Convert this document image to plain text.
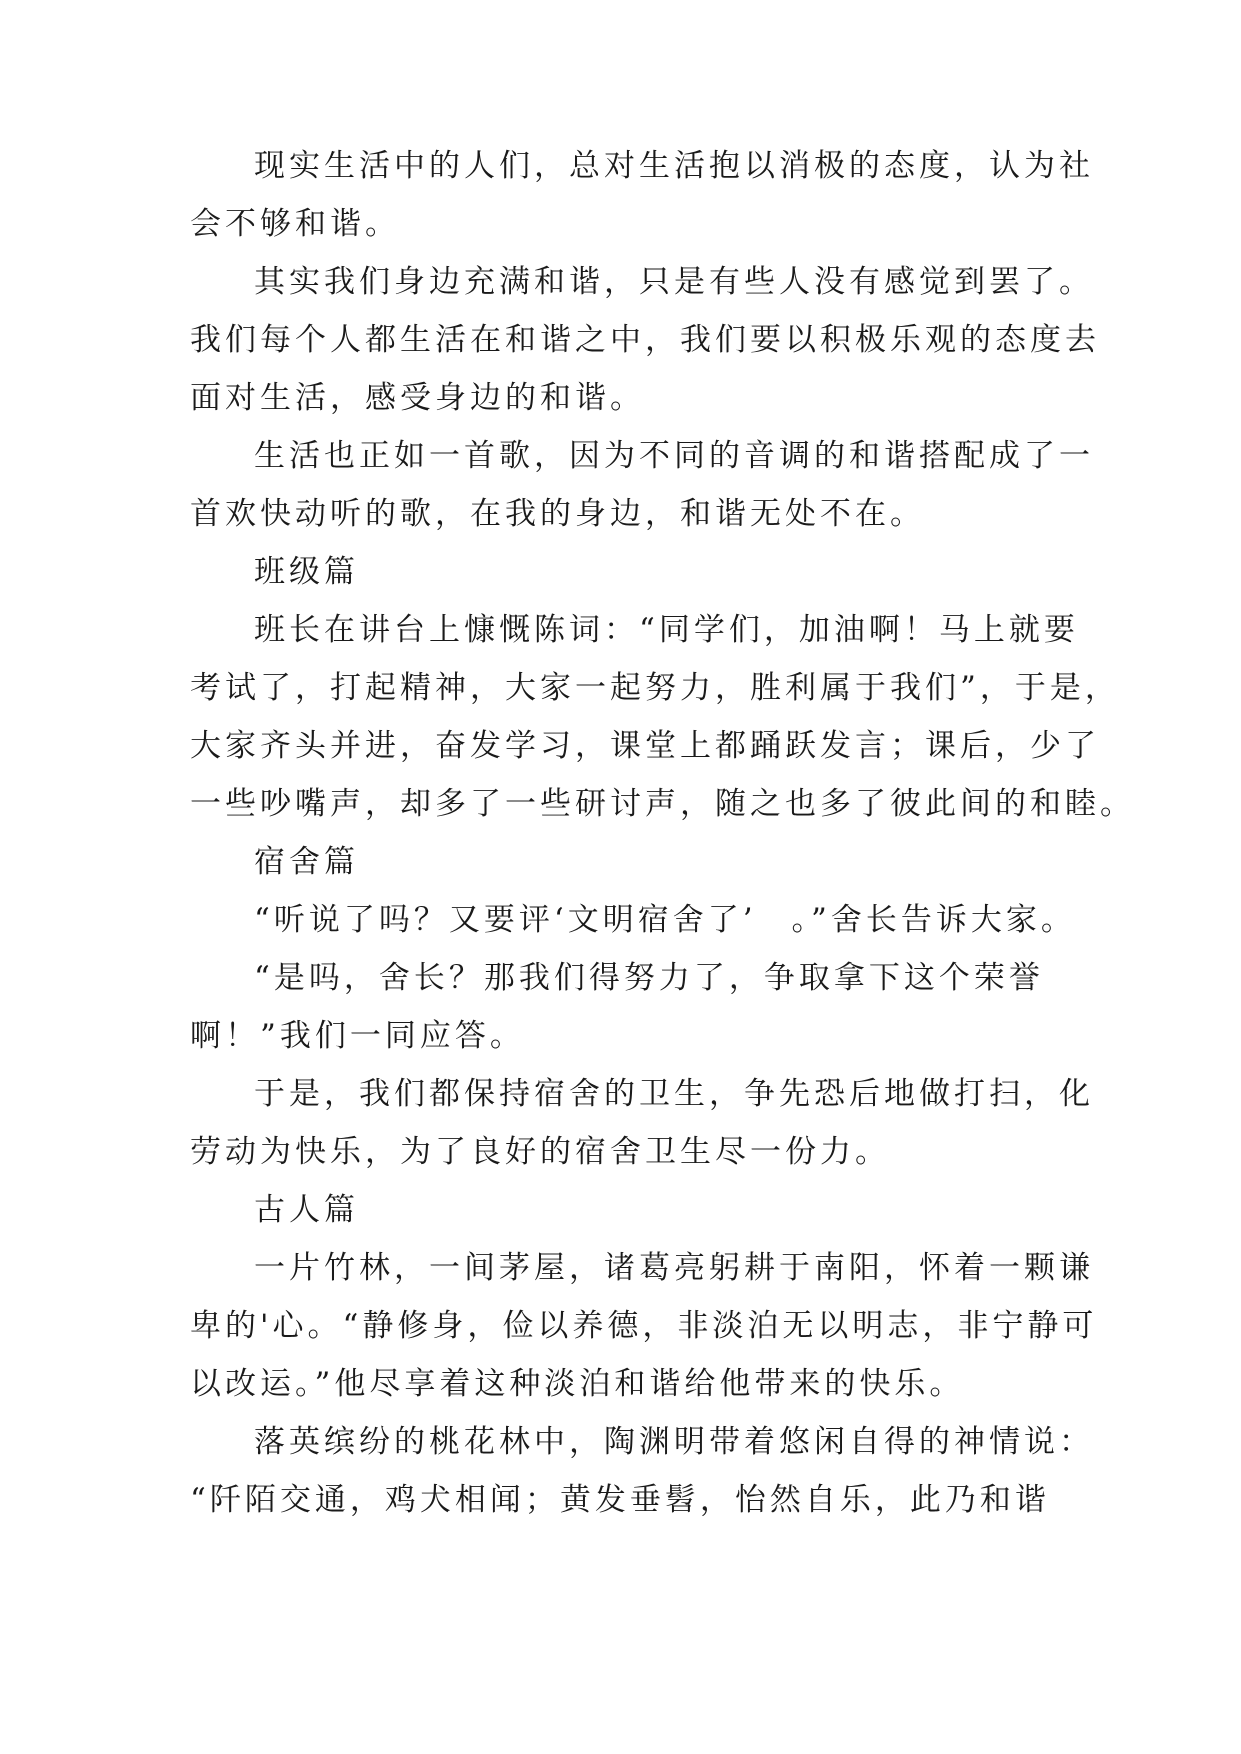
现实生活中的人们，总对生活抱以消极的态度，认为社
会不够和谐。
其实我们身边充满和谐，只是有些人没有感觉到罢了。
我们每个人都生活在和谐之中，我们要以积极乐观的态度去
面对生活，感受身边的和谐。
生活也正如一首歌，因为不同的音调的和谐搭配成了一
首欢快动听的歌，在我的身边，和谐无处不在。
班级篇
班长在讲台上慷慨陈词：“同学们，加油啊！马上就要
考试了，打起精神，大家一起努力，胜利属于我们”，于是，
大家齐头并进，奋发学习，课堂上都踊跃发言；课后，少了
一些吵嘴声，却多了一些研讨声，随之也多了彼此间的和睦。
宿舍篇
“听说了吗？又要评‘文明宿舍了’　。”舍长告诉大家。
“是吗，舍长？那我们得努力了，争取拿下这个荣誉
啊！”我们一同应答。
于是，我们都保持宿舍的卫生，争先恐后地做打扫，化
劳动为快乐，为了良好的宿舍卫生尽一份力。
古人篇
一片竹林，一间茅屋，诸葛亮躬耕于南阳，怀着一颗谦
卑的'心。“静修身，俭以养德，非淡泊无以明志，非宁静可
以改运。”他尽享着这种淡泊和谐给他带来的快乐。
落英缤纷的桃花林中，陶渊明带着悠闲自得的神情说：
“阡陌交通，鸡犬相闻；黄发垂髫，怡然自乐，此乃和谐
